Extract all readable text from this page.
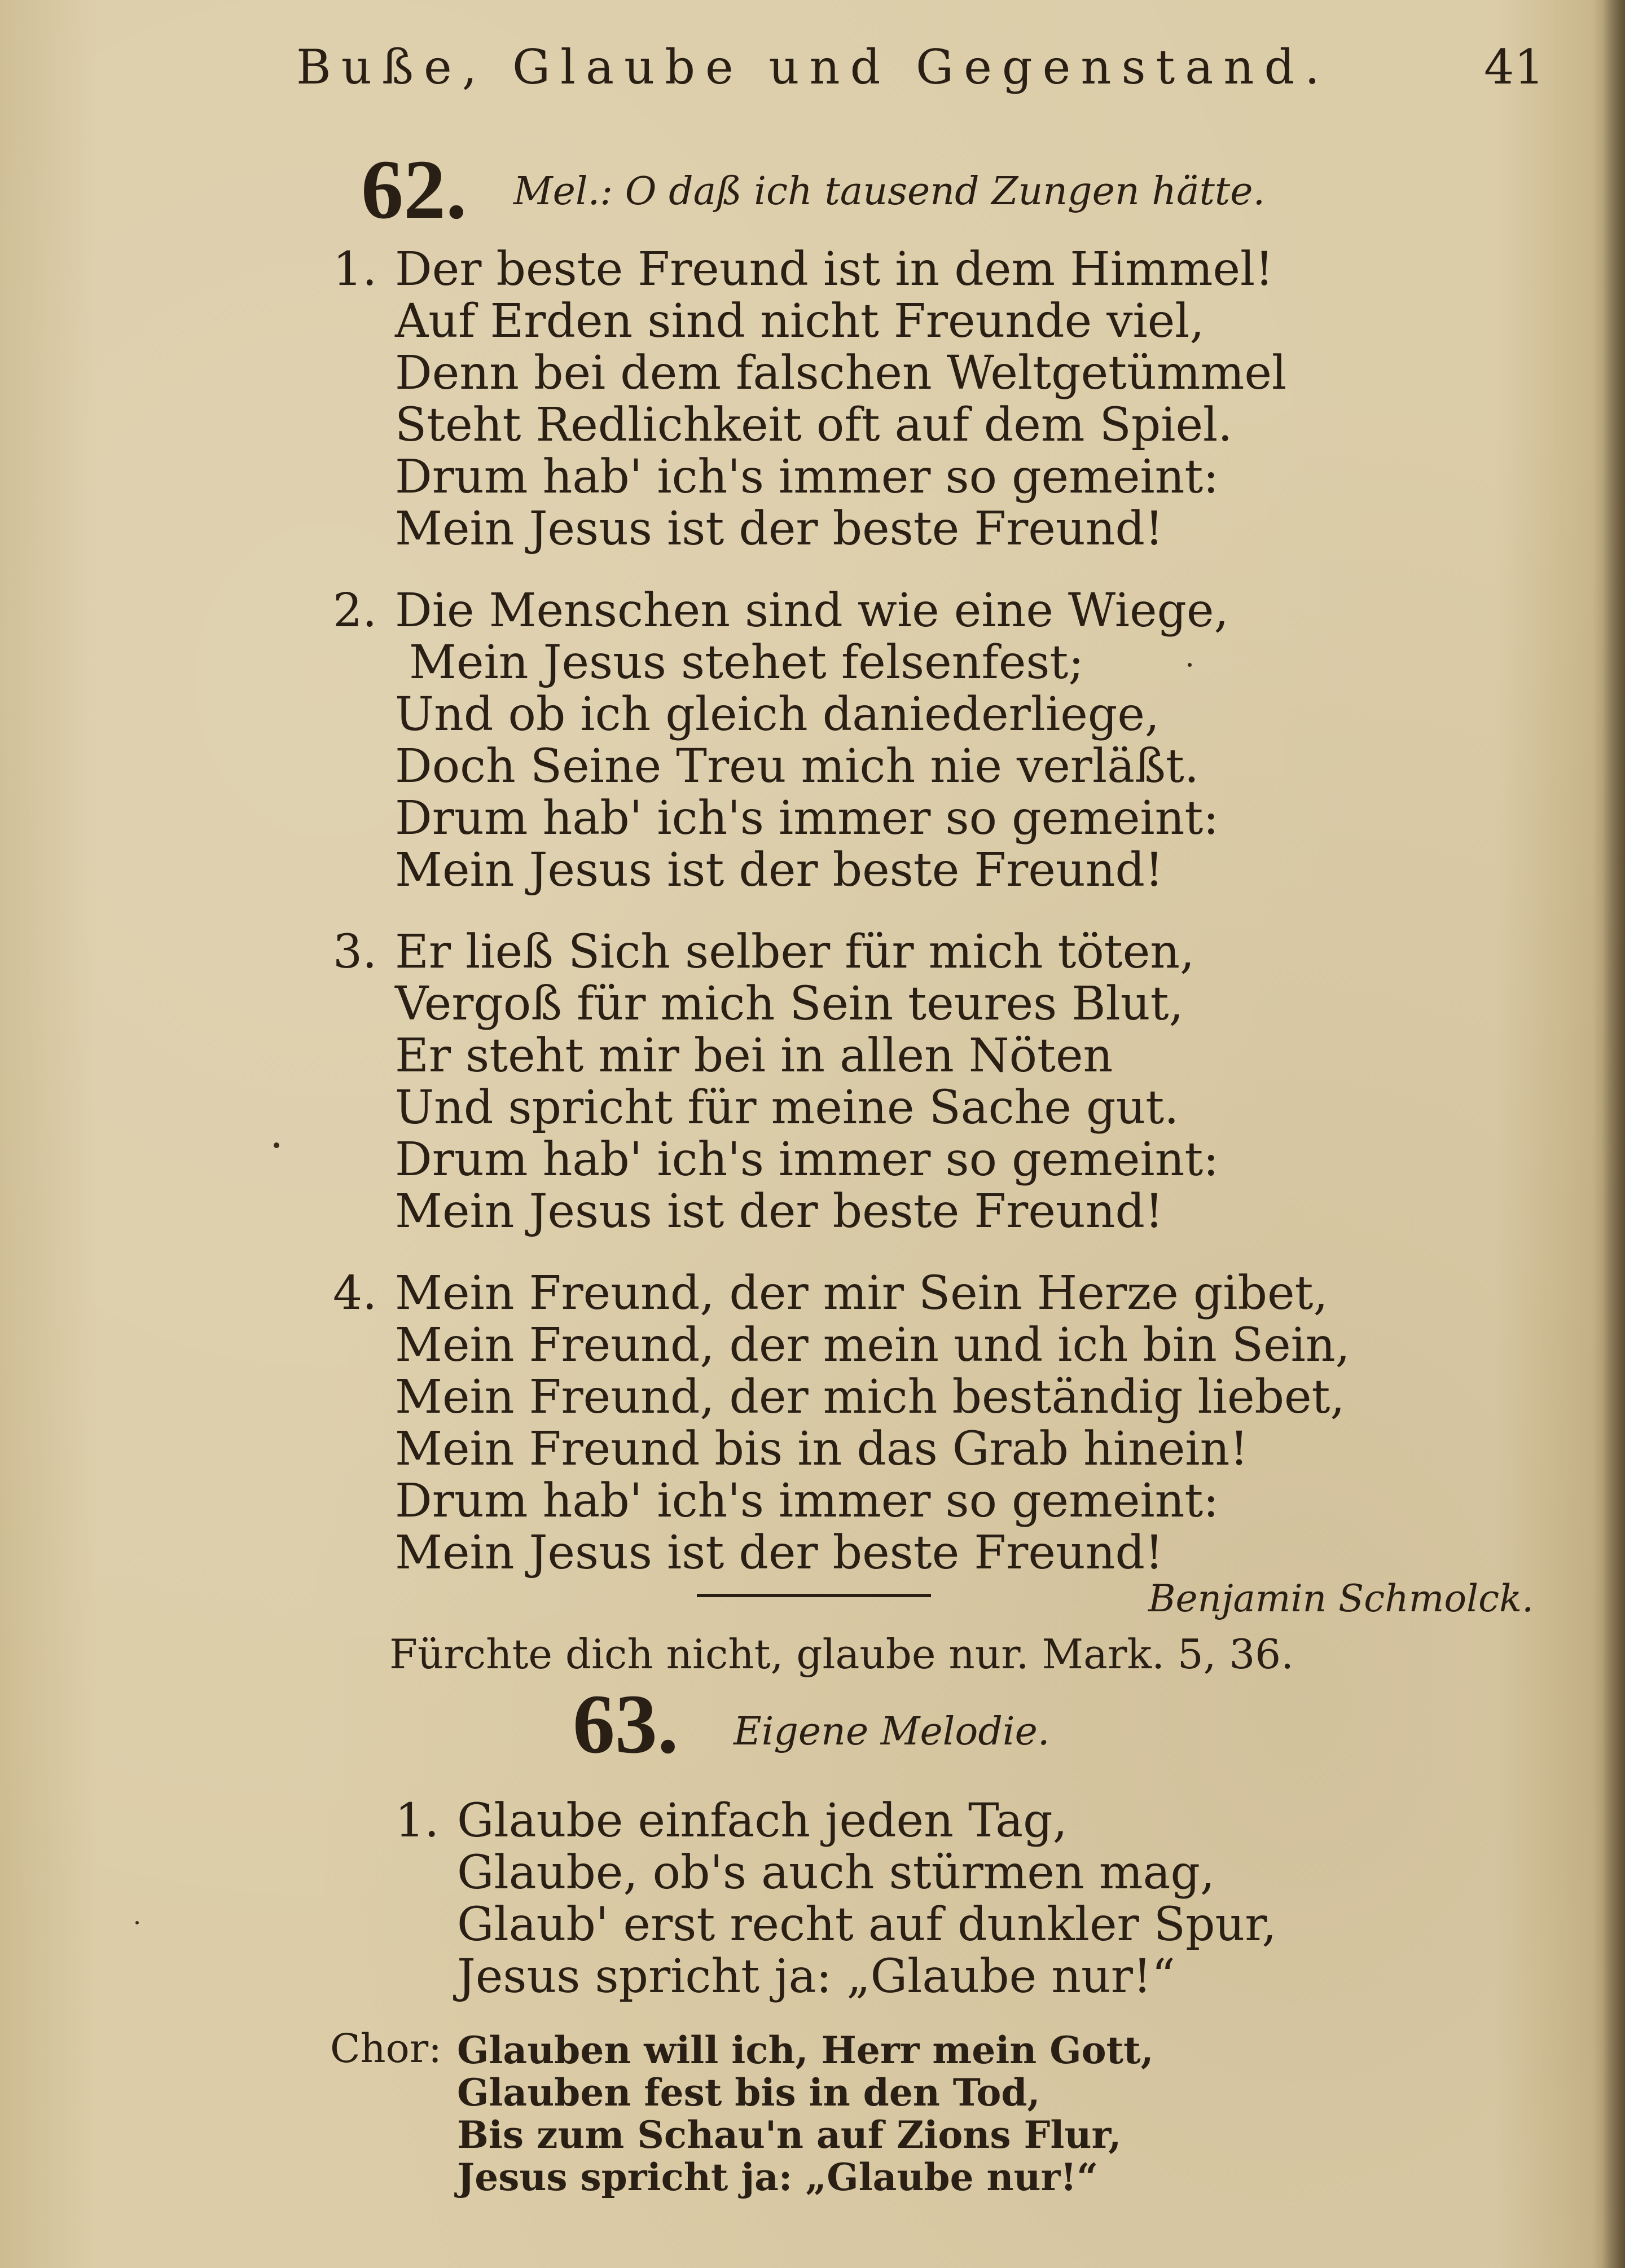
Buße, Glaube und Gegenstand.	41
62. Mel.: O daß ich tausend Zungen hätte.
1. Der beste Freund ist in dem Himmel!
Auf Erden sind nicht Freunde viel,
Denn bei dem falschen Weltgetümmel
Steht Redlichkeit oft auf dem Spiel.
Drum hab' ich's immer so gemeint:
Mein Jesus ist der beste Freund!
2. Die Menschen sind wie eine Wiege,
Mein Jesus stehet felsenfest;
Und ob ich gleich daniederliege,
Doch Seine Treu mich nie verläßt.
Drum hab' ich's immer so gemeint:
Mein Jesus ist der beste Freund!
3. Er ließ Sich selber für mich töten,
Vergoß für mich Sein teures Blut,
Er steht mir bei in allen Nöten
Und spricht für meine Sache gut.
Drum hab' ich's immer so gemeint:
Mein Jesus ist der beste Freund!
4. Mein Freund, der mir Sein Herze gibet,
Mein Freund, der mein und ich bin Sein,
Mein Freund, der mich beständig liebet,
Mein Freund bis in das Grab hinein!
Drum hab' ich's immer so gemeint:
Mein Jesus ist der beste Freund!
Benjamin Schmolck.
Fürchte dich nicht, glaube nur. Mark. 5, 36.
63. Eigene Melodie.
1. Glaube einfach jeden Tag,
Glaube, ob's auch stürmen mag,
Glaub' erst recht auf dunkler Spur,
Jesus spricht ja: „Glaube nur!“
Chor: Glauben will ich, Herr mein Gott,
Glauben fest bis in den Tod,
Bis zum Schau'n auf Zions Flur,
Jesus spricht ja: „Glaube nur!“
